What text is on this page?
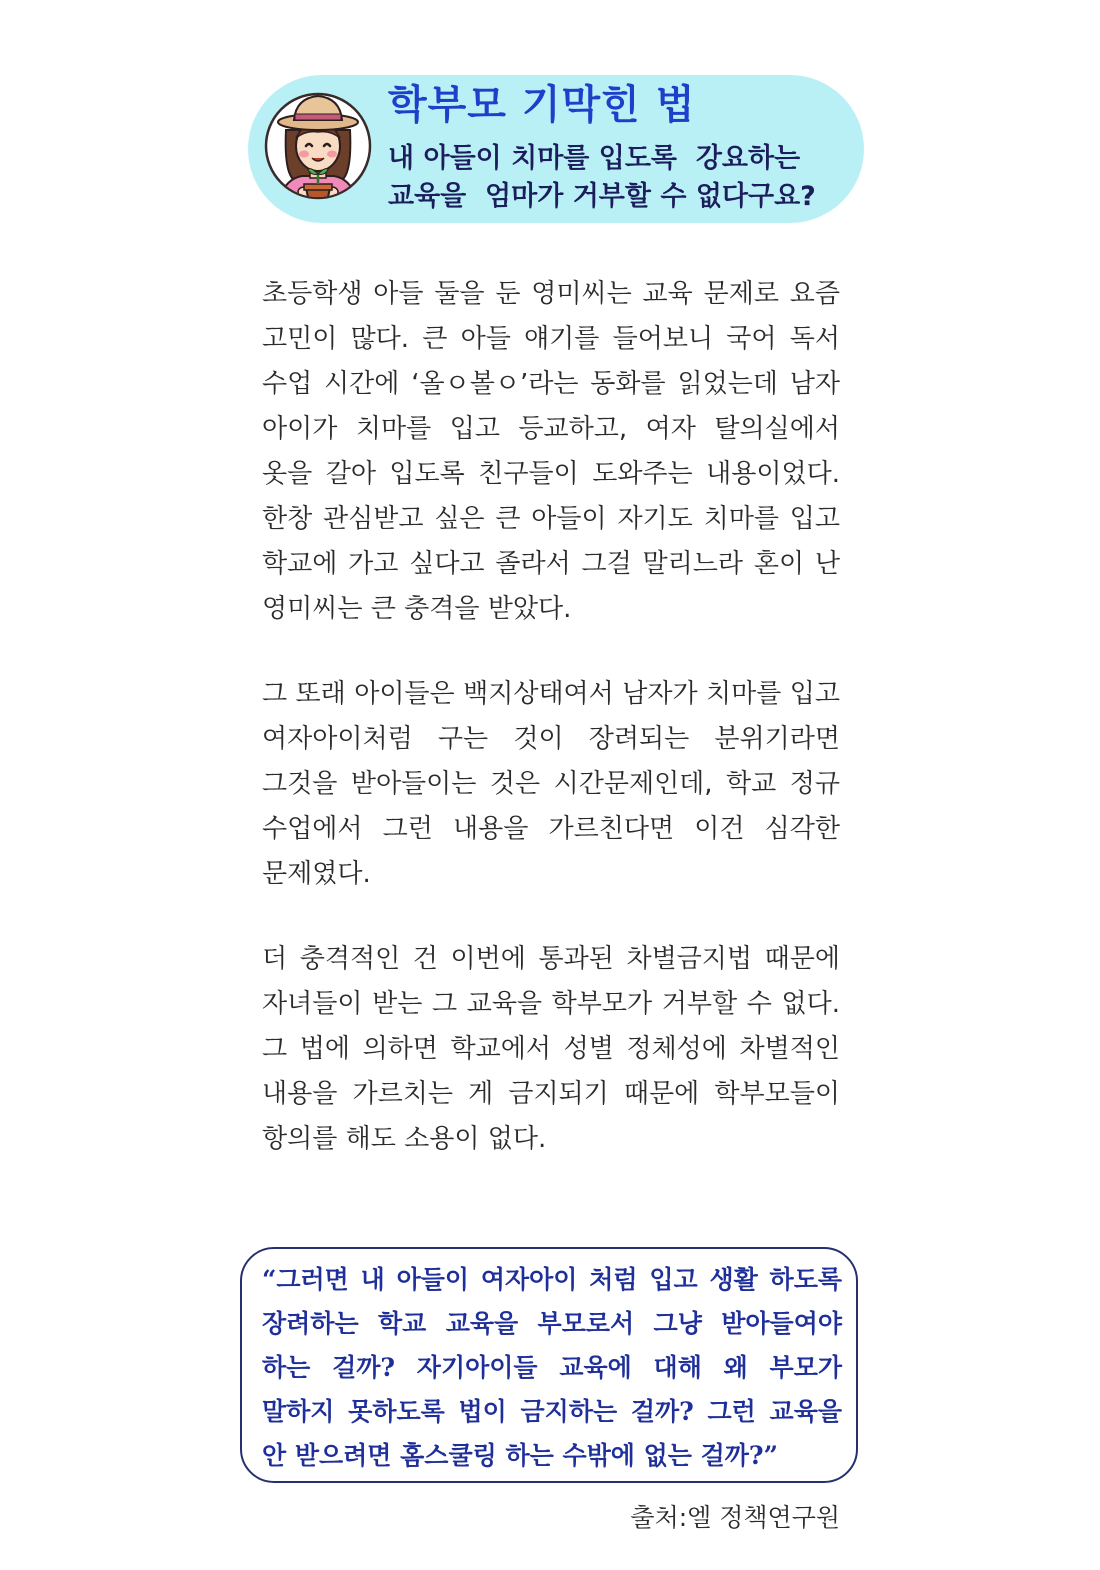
학부모 기막힌 법
내 아들이 치마를 입도록  강요하는
교육을  엄마가 거부할 수 없다구요?

초등학생 아들 둘을 둔 영미씨는 교육 문제로 요즘 고민이 많다. 큰 아들 얘기를 들어보니 국어 독서 수업 시간에 ‘올ㅇ볼ㅇ’라는 동화를 읽었는데 남자 아이가 치마를 입고 등교하고, 여자 탈의실에서 옷을 갈아 입도록 친구들이 도와주는 내용이었다. 한창 관심받고 싶은 큰 아들이 자기도 치마를 입고 학교에 가고 싶다고 졸라서 그걸 말리느라 혼이 난 영미씨는 큰 충격을 받았다.

그 또래 아이들은 백지상태여서 남자가 치마를 입고 여자아이처럼 구는 것이 장려되는 분위기라면 그것을 받아들이는 것은 시간문제인데, 학교 정규 수업에서 그런 내용을 가르친다면 이건 심각한 문제였다.

더 충격적인 건 이번에 통과된 차별금지법 때문에 자녀들이 받는 그 교육을 학부모가 거부할 수 없다. 그 법에 의하면 학교에서 성별 정체성에 차별적인 내용을 가르치는 게 금지되기 때문에 학부모들이 항의를 해도 소용이 없다.

“그러면 내 아들이 여자아이 처럼 입고 생활 하도록 장려하는 학교 교육을 부모로서 그냥 받아들여야 하는 걸까? 자기아이들 교육에 대해 왜 부모가 말하지 못하도록 법이 금지하는 걸까? 그런 교육을 안 받으려면 홈스쿨링 하는 수밖에 없는 걸까?”

출처:엘 정책연구원
